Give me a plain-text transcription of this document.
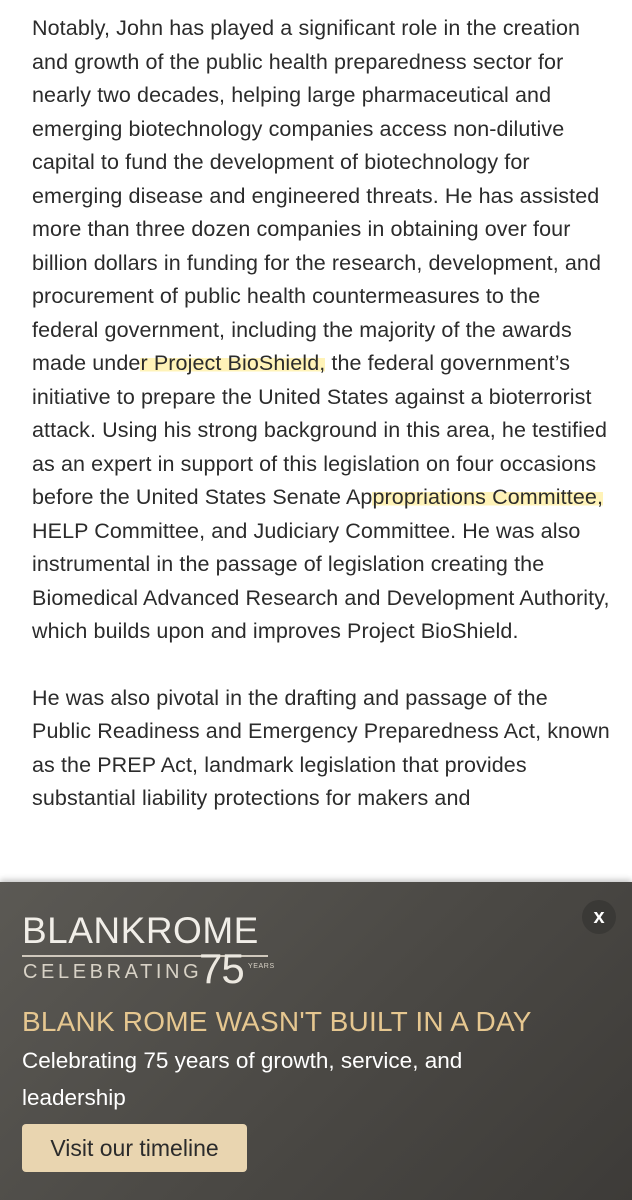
Notably, John has played a significant role in the creation and growth of the public health preparedness sector for nearly two decades, helping large pharmaceutical and emerging biotechnology companies access non-dilutive capital to fund the development of biotechnology for emerging disease and engineered threats. He has assisted more than three dozen companies in obtaining over four billion dollars in funding for the research, development, and procurement of public health countermeasures to the federal government, including the majority of the awards made under Project BioShield, the federal government’s initiative to prepare the United States against a bioterrorist attack. Using his strong background in this area, he testified as an expert in support of this legislation on four occasions before the United States Senate Appropriations Committee, HELP Committee, and Judiciary Committee. He was also instrumental in the passage of legislation creating the Biomedical Advanced Research and Development Authority, which builds upon and improves Project BioShield.

He was also pivotal in the drafting and passage of the Public Readiness and Emergency Preparedness Act, known as the PREP Act, landmark legislation that provides substantial liability protections for makers and

x
BLANKROME
CELEBRATING
75 YEARS
BLANK ROME WASN'T BUILT IN A DAY
Celebrating 75 years of growth, service, and leadership
Visit our timeline
